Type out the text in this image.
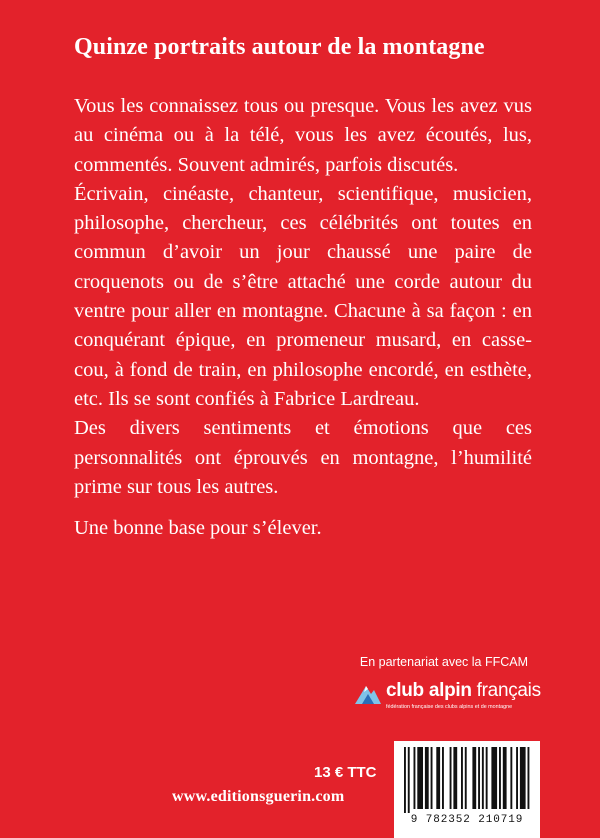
Quinze portraits autour de la montagne

Vous les connaissez tous ou presque. Vous les avez vus au cinéma ou à la télé, vous les avez écoutés, lus, commentés. Souvent admirés, parfois discutés.

Écrivain, cinéaste, chanteur, scientifique, musicien, philosophe, chercheur, ces célébrités ont toutes en commun d’avoir un jour chaussé une paire de croquenots ou de s’être attaché une corde autour du ventre pour aller en montagne. Chacune à sa façon : en conquérant épique, en promeneur musard, en casse-cou, à fond de train, en philosophe encordé, en esthète, etc. Ils se sont confiés à Fabrice Lardreau.

Des divers sentiments et émotions que ces personnalités ont éprouvés en montagne, l’humilité prime sur tous les autres.

Une bonne base pour s’élever.

En partenariat avec la FFCAM
club alpin français
fédération française des clubs alpins et de montagne
13 € TTC
www.editionsguerin.com
9 782352 210719
